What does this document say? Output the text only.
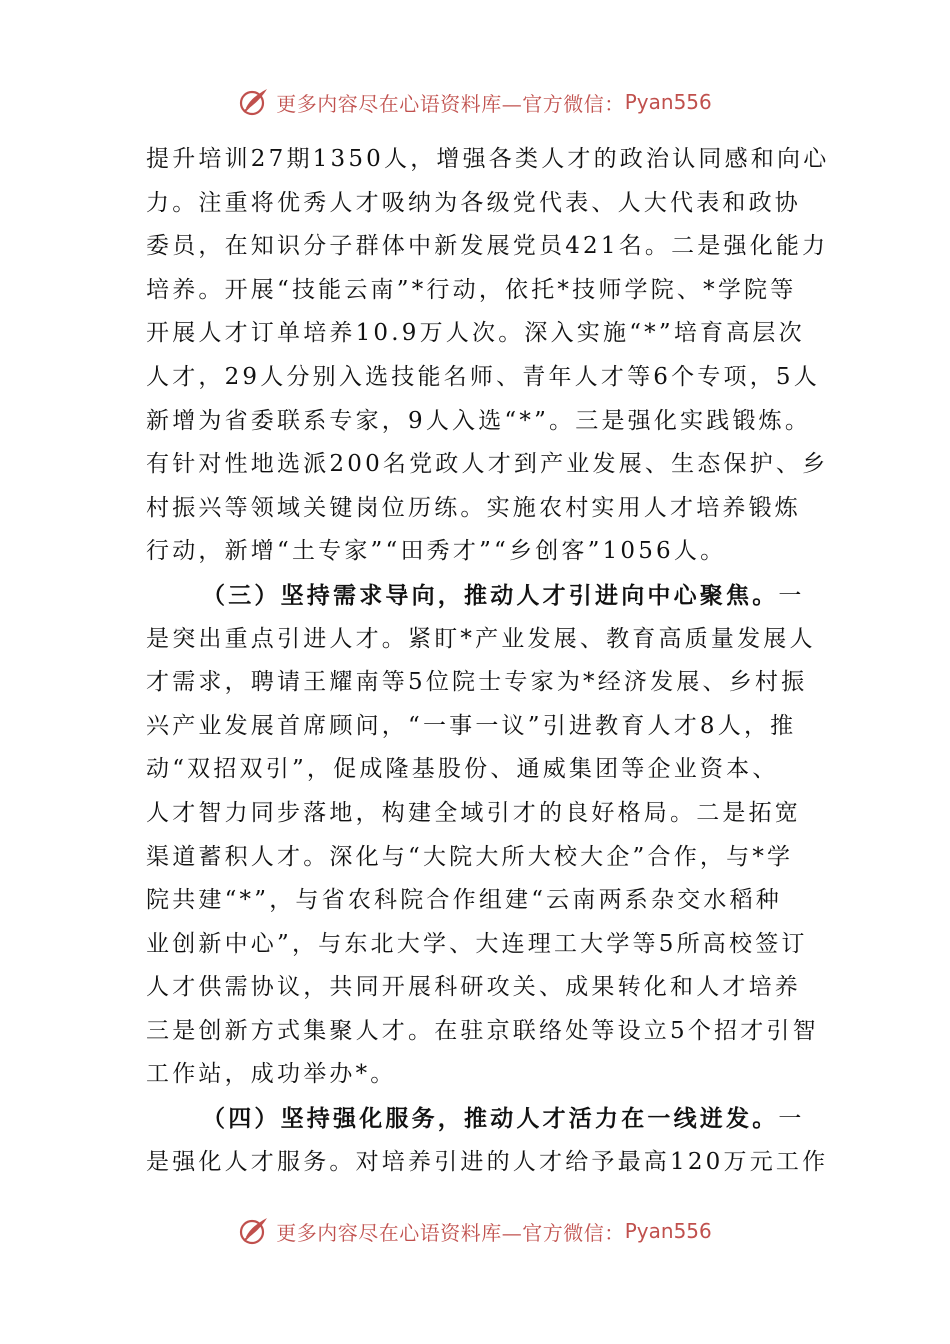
更多内容尽在心语资料库—官方微信： Pyan556
提升培训27期1350人，增强各类人才的政治认同感和向心
力。注重将优秀人才吸纳为各级党代表、人大代表和政协
委员，在知识分子群体中新发展党员421名。二是强化能力
培养。开展“技能云南”*行动，依托*技师学院、*学院等
开展人才订单培养10.9万人次。深入实施“*”培育高层次
人才，29人分别入选技能名师、青年人才等6个专项，5人
新增为省委联系专家，9人入选“*”。三是强化实践锻炼。
有针对性地选派200名党政人才到产业发展、生态保护、乡
村振兴等领域关键岗位历练。实施农村实用人才培养锻炼
行动，新增“土专家”“田秀才”“乡创客”1056人。
（三）坚持需求导向，推动人才引进向中心聚焦。一
是突出重点引进人才。紧盯*产业发展、教育高质量发展人
才需求，聘请王耀南等5位院士专家为*经济发展、乡村振
兴产业发展首席顾问，“一事一议”引进教育人才8人，推
动“双招双引”，促成隆基股份、通威集团等企业资本、
人才智力同步落地，构建全域引才的良好格局。二是拓宽
渠道蓄积人才。深化与“大院大所大校大企”合作，与*学
院共建“*”，与省农科院合作组建“云南两系杂交水稻种
业创新中心”，与东北大学、大连理工大学等5所高校签订
人才供需协议，共同开展科研攻关、成果转化和人才培养
三是创新方式集聚人才。在驻京联络处等设立5个招才引智
工作站，成功举办*。
（四）坚持强化服务，推动人才活力在一线迸发。一
是强化人才服务。对培养引进的人才给予最高120万元工作
更多内容尽在心语资料库—官方微信： Pyan556
